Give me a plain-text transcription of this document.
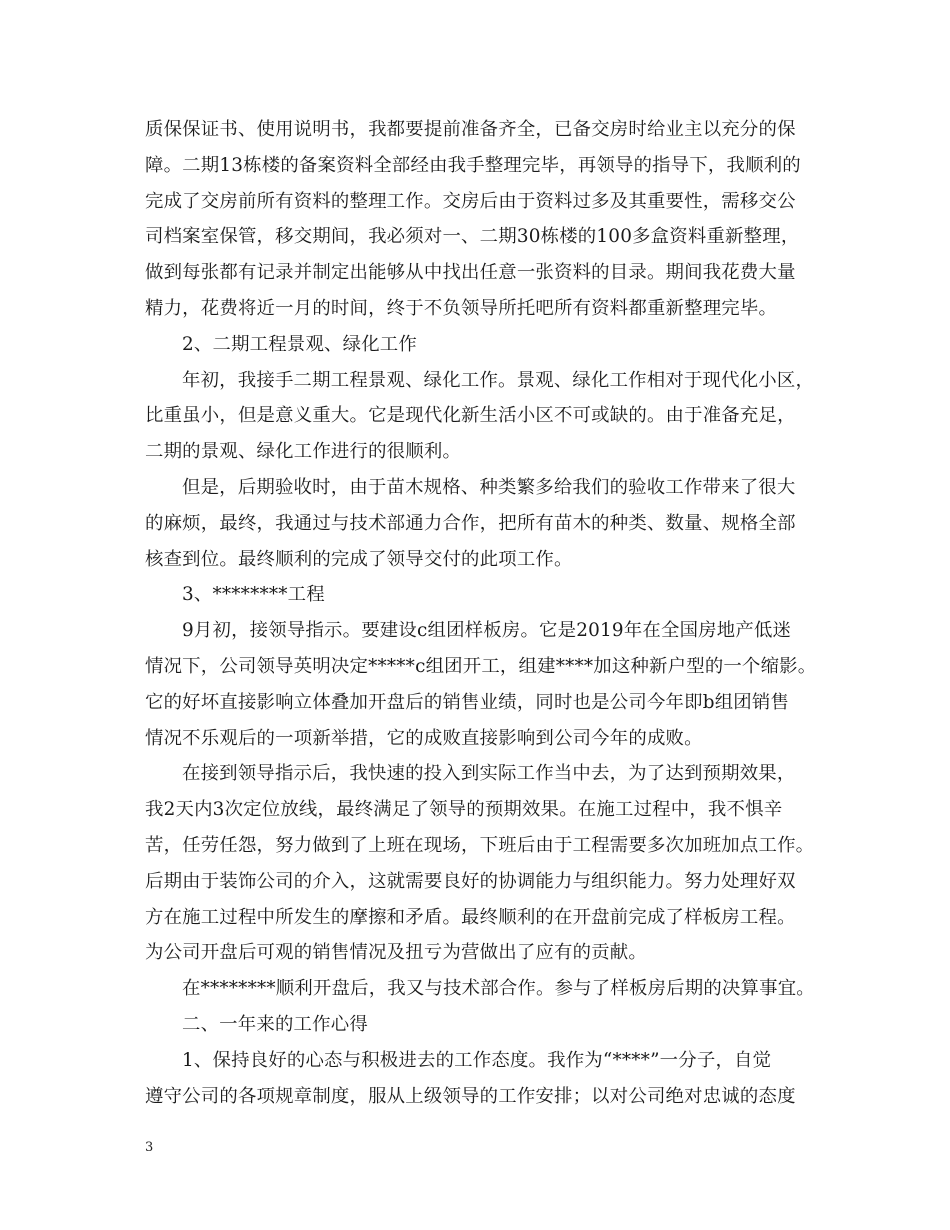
质保保证书、使用说明书，我都要提前准备齐全，已备交房时给业主以充分的保
障。二期13栋楼的备案资料全部经由我手整理完毕，再领导的指导下，我顺利的
完成了交房前所有资料的整理工作。交房后由于资料过多及其重要性，需移交公
司档案室保管，移交期间，我必须对一、二期30栋楼的100多盒资料重新整理，
做到每张都有记录并制定出能够从中找出任意一张资料的目录。期间我花费大量
精力，花费将近一月的时间，终于不负领导所托吧所有资料都重新整理完毕。
2、二期工程景观、绿化工作
年初，我接手二期工程景观、绿化工作。景观、绿化工作相对于现代化小区，
比重虽小，但是意义重大。它是现代化新生活小区不可或缺的。由于准备充足，
二期的景观、绿化工作进行的很顺利。
但是，后期验收时，由于苗木规格、种类繁多给我们的验收工作带来了很大
的麻烦，最终，我通过与技术部通力合作，把所有苗木的种类、数量、规格全部
核查到位。最终顺利的完成了领导交付的此项工作。
3、********工程
9月初，接领导指示。要建设c组团样板房。它是2019年在全国房地产低迷
情况下，公司领导英明决定*****c组团开工，组建****加这种新户型的一个缩影。
它的好坏直接影响立体叠加开盘后的销售业绩，同时也是公司今年即b组团销售
情况不乐观后的一项新举措，它的成败直接影响到公司今年的成败。
在接到领导指示后，我快速的投入到实际工作当中去，为了达到预期效果，
我2天内3次定位放线，最终满足了领导的预期效果。在施工过程中，我不惧辛
苦，任劳任怨，努力做到了上班在现场，下班后由于工程需要多次加班加点工作。
后期由于装饰公司的介入，这就需要良好的协调能力与组织能力。努力处理好双
方在施工过程中所发生的摩擦和矛盾。最终顺利的在开盘前完成了样板房工程。
为公司开盘后可观的销售情况及扭亏为营做出了应有的贡献。
在********顺利开盘后，我又与技术部合作。参与了样板房后期的决算事宜。
二、一年来的工作心得
1、保持良好的心态与积极进去的工作态度。我作为“****”一分子，自觉
遵守公司的各项规章制度，服从上级领导的工作安排；以对公司绝对忠诚的态度
3
